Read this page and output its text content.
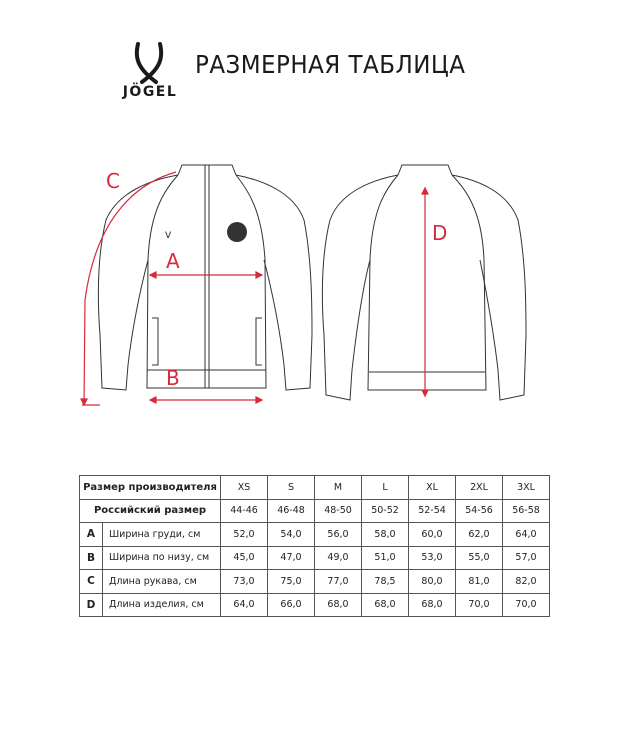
JÖGEL
РАЗМЕРНАЯ ТАБЛИЦА
V
C
A
B
D
Размер производителя		XS	S	M	L	XL	2XL	3XL
Российский размер		44-46	46-48	48-50	50-52	52-54	54-56	56-58
A	Ширина груди, см	52,0	54,0	56,0	58,0	60,0	62,0	64,0
B	Ширина по низу, см	45,0	47,0	49,0	51,0	53,0	55,0	57,0
C	Длина рукава, см	73,0	75,0	77,0	78,5	80,0	81,0	82,0
D	Длина изделия, см	64,0	66,0	68,0	68,0	68,0	70,0	70,0
